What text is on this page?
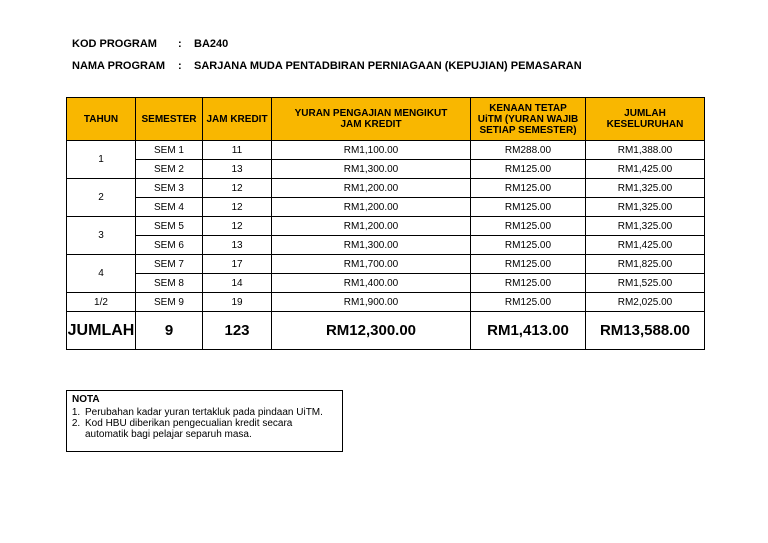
KOD PROGRAM : BA240
NAMA PROGRAM : SARJANA MUDA PENTADBIRAN PERNIAGAAN (KEPUJIAN) PEMASARAN
TAHUN	SEMESTER	JAM KREDIT	YURAN PENGAJIAN MENGIKUT JAM KREDIT	KENAAN TETAP UiTM (YURAN WAJIB SETIAP SEMESTER)	JUMLAH KESELURUHAN
1	SEM 1	11	RM1,100.00	RM288.00	RM1,388.00
	SEM 2	13	RM1,300.00	RM125.00	RM1,425.00
2	SEM 3	12	RM1,200.00	RM125.00	RM1,325.00
	SEM 4	12	RM1,200.00	RM125.00	RM1,325.00
3	SEM 5	12	RM1,200.00	RM125.00	RM1,325.00
	SEM 6	13	RM1,300.00	RM125.00	RM1,425.00
4	SEM 7	17	RM1,700.00	RM125.00	RM1,825.00
	SEM 8	14	RM1,400.00	RM125.00	RM1,525.00
1/2	SEM 9	19	RM1,900.00	RM125.00	RM2,025.00
JUMLAH	9	123	RM12,300.00	RM1,413.00	RM13,588.00
NOTA
1. Perubahan kadar yuran tertakluk pada pindaan UiTM.
2. Kod HBU diberikan pengecualian kredit secara automatik bagi pelajar separuh masa.
